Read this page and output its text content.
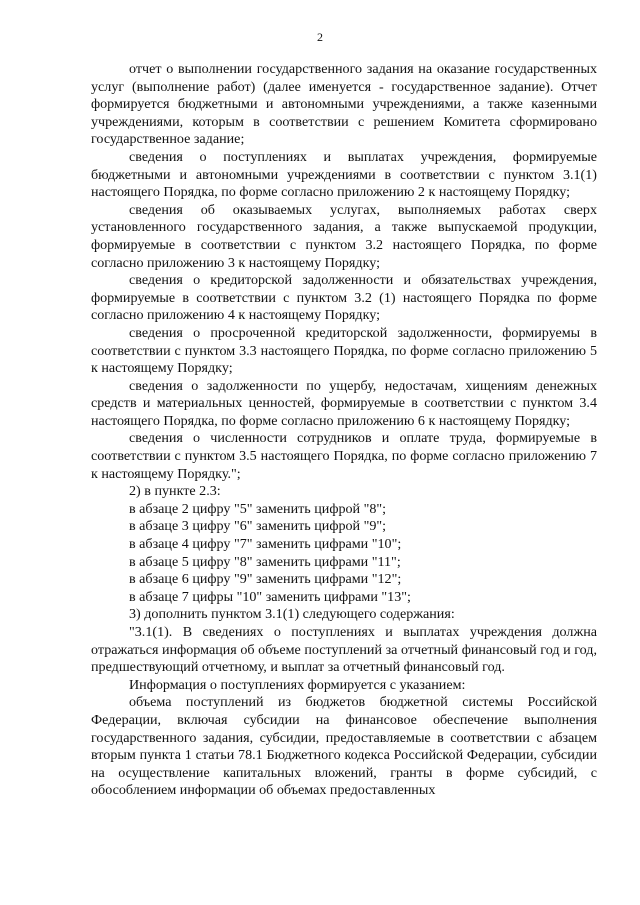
2

отчет о выполнении государственного задания на оказание государственных услуг (выполнение работ) (далее именуется - государственное задание). Отчет формируется бюджетными и автономными учреждениями, а также казенными учреждениями, которым в соответствии с решением Комитета сформировано государственное задание;

сведения о поступлениях и выплатах учреждения, формируемые бюджетными и автономными учреждениями в соответствии с пунктом 3.1(1) настоящего Порядка, по форме согласно приложению 2 к настоящему Порядку;

сведения об оказываемых услугах, выполняемых работах сверх установленного государственного задания, а также выпускаемой продукции, формируемые в соответствии с пунктом 3.2 настоящего Порядка, по форме согласно приложению 3 к настоящему Порядку;

сведения о кредиторской задолженности и обязательствах учреждения, формируемые в соответствии с пунктом 3.2 (1) настоящего Порядка по форме согласно приложению 4 к настоящему Порядку;

сведения о просроченной кредиторской задолженности, формируемы в соответствии с пунктом 3.3 настоящего Порядка, по форме согласно приложению 5 к настоящему Порядку;

сведения о задолженности по ущербу, недостачам, хищениям денежных средств и материальных ценностей, формируемые в соответствии с пунктом 3.4 настоящего Порядка, по форме согласно приложению 6 к настоящему Порядку;

сведения о численности сотрудников и оплате труда, формируемые в соответствии с пунктом 3.5 настоящего Порядка, по форме согласно приложению 7 к настоящему Порядку.";

2) в пункте 2.3:

в абзаце 2 цифру "5" заменить цифрой "8";

в абзаце 3 цифру "6" заменить цифрой "9";

в абзаце 4 цифру "7" заменить цифрами "10";

в абзаце 5 цифру "8" заменить цифрами "11";

в абзаце 6 цифру "9" заменить цифрами "12";

в абзаце 7 цифры "10" заменить цифрами "13";

3) дополнить пунктом 3.1(1) следующего содержания:

"3.1(1). В сведениях о поступлениях и выплатах учреждения должна отражаться информация об объеме поступлений за отчетный финансовый год и год, предшествующий отчетному, и выплат за отчетный финансовый год.

Информация о поступлениях формируется с указанием:

объема поступлений из бюджетов бюджетной системы Российской Федерации, включая субсидии на финансовое обеспечение выполнения государственного задания, субсидии, предоставляемые в соответствии с абзацем вторым пункта 1 статьи 78.1 Бюджетного кодекса Российской Федерации, субсидии на осуществление капитальных вложений, гранты в форме субсидий, с обособлением информации об объемах предоставленных
